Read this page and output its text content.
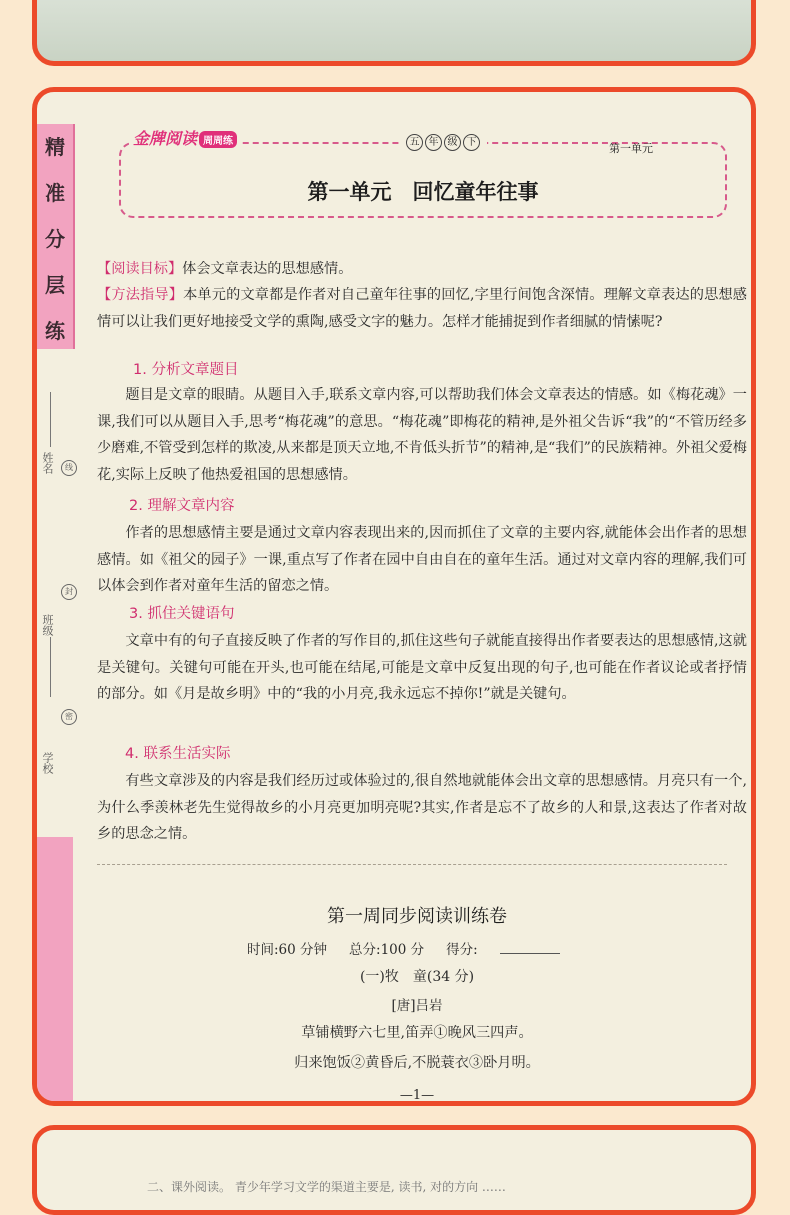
精
准
分
层
练
姓名	线
封
班级
密
学校
金牌阅读 周周练	五 年 级 下	第一单元
第一单元　回忆童年往事

【阅读目标】体会文章表达的思想感情。

【方法指导】本单元的文章都是作者对自己童年往事的回忆,字里行间饱含深情。理解文章表达的思想感情可以让我们更好地接受文学的熏陶,感受文字的魅力。怎样才能捕捉到作者细腻的情愫呢?

1. 分析文章题目

题目是文章的眼睛。从题目入手,联系文章内容,可以帮助我们体会文章表达的情感。如《梅花魂》一课,我们可以从题目入手,思考“梅花魂”的意思。“梅花魂”即梅花的精神,是外祖父告诉“我”的“不管历经多少磨难,不管受到怎样的欺凌,从来都是顶天立地,不肯低头折节”的精神,是“我们”的民族精神。外祖父爱梅花,实际上反映了他热爱祖国的思想感情。

2. 理解文章内容

作者的思想感情主要是通过文章内容表现出来的,因而抓住了文章的主要内容,就能体会出作者的思想感情。如《祖父的园子》一课,重点写了作者在园中自由自在的童年生活。通过对文章内容的理解,我们可以体会到作者对童年生活的留恋之情。

3. 抓住关键语句

文章中有的句子直接反映了作者的写作目的,抓住这些句子就能直接得出作者要表达的思想感情,这就是关键句。关键句可能在开头,也可能在结尾,可能是文章中反复出现的句子,也可能在作者议论或者抒情的部分。如《月是故乡明》中的“我的小月亮,我永远忘不掉你!”就是关键句。

4. 联系生活实际

有些文章涉及的内容是我们经历过或体验过的,很自然地就能体会出文章的思想感情。月亮只有一个,为什么季羡林老先生觉得故乡的小月亮更加明亮呢?其实,作者是忘不了故乡的人和景,这表达了作者对故乡的思念之情。

第一周同步阅读训练卷
时间:60 分钟 总分:100 分 得分:
(一)牧　童(34 分)
[唐]吕岩
草铺横野六七里,笛弄①晚风三四声。
归来饱饭②黄昏后,不脱蓑衣③卧月明。
—1—
二、课外阅读。 青少年学习文学的渠道主要是, 读书, 对的方向 ……
